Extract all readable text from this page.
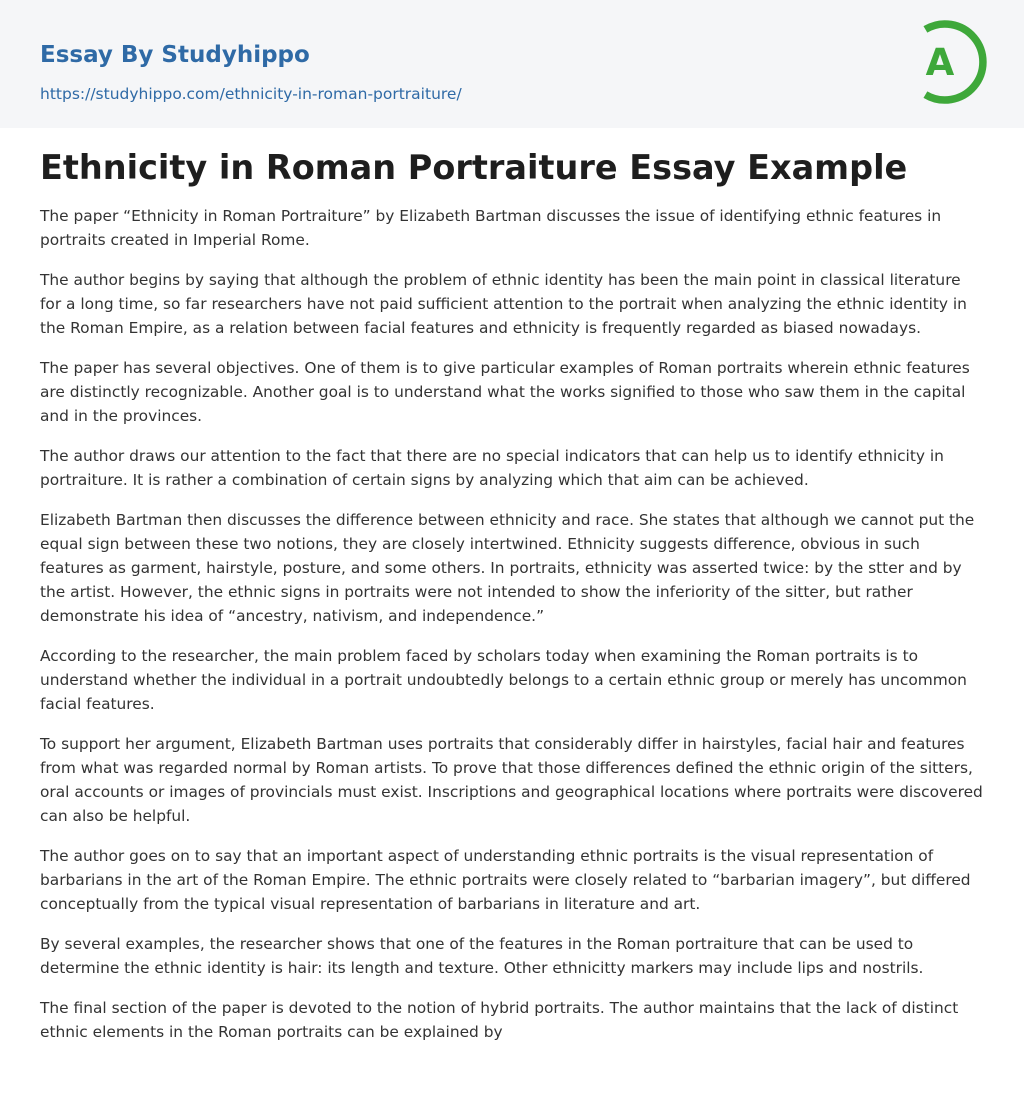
Essay By Studyhippo
https://studyhippo.com/ethnicity-in-roman-portraiture/
A
Ethnicity in Roman Portraiture Essay Example

The paper “Ethnicity in Roman Portraiture” by Elizabeth Bartman discusses the issue of identifying ethnic features in portraits created in Imperial Rome.

The author begins by saying that although the problem of ethnic identity has been the main point in classical literature for a long time, so far researchers have not paid sufficient attention to the portrait when analyzing the ethnic identity in the Roman Empire, as a relation between facial features and ethnicity is frequently regarded as biased nowadays.

The paper has several objectives. One of them is to give particular examples of Roman portraits wherein ethnic features are distinctly recognizable. Another goal is to understand what the works signified to those who saw them in the capital and in the provinces.

The author draws our attention to the fact that there are no special indicators that can help us to identify ethnicity in portraiture. It is rather a combination of certain signs by analyzing which that aim can be achieved.

Elizabeth Bartman then discusses the difference between ethnicity and race. She states that although we cannot put the equal sign between these two notions, they are closely intertwined. Ethnicity suggests difference, obvious in such features as garment, hairstyle, posture, and some others. In portraits, ethnicity was asserted twice: by the stter and by the artist. However, the ethnic signs in portraits were not intended to show the inferiority of the sitter, but rather demonstrate his idea of “ancestry, nativism, and independence.”

According to the researcher, the main problem faced by scholars today when examining the Roman portraits is to understand whether the individual in a portrait undoubtedly belongs to a certain ethnic group or merely has uncommon facial features.

To support her argument, Elizabeth Bartman uses portraits that considerably differ in hairstyles, facial hair and features from what was regarded normal by Roman artists. To prove that those differences defined the ethnic origin of the sitters, oral accounts or images of provincials must exist. Inscriptions and geographical locations where portraits were discovered can also be helpful.

The author goes on to say that an important aspect of understanding ethnic portraits is the visual representation of barbarians in the art of the Roman Empire. The ethnic portraits were closely related to “barbarian imagery”, but differed conceptually from the typical visual representation of barbarians in literature and art.

By several examples, the researcher shows that one of the features in the Roman portraiture that can be used to determine the ethnic identity is hair: its length and texture. Other ethnicitty markers may include lips and nostrils.

The final section of the paper is devoted to the notion of hybrid portraits. The author maintains that the lack of distinct ethnic elements in the Roman portraits can be explained by
